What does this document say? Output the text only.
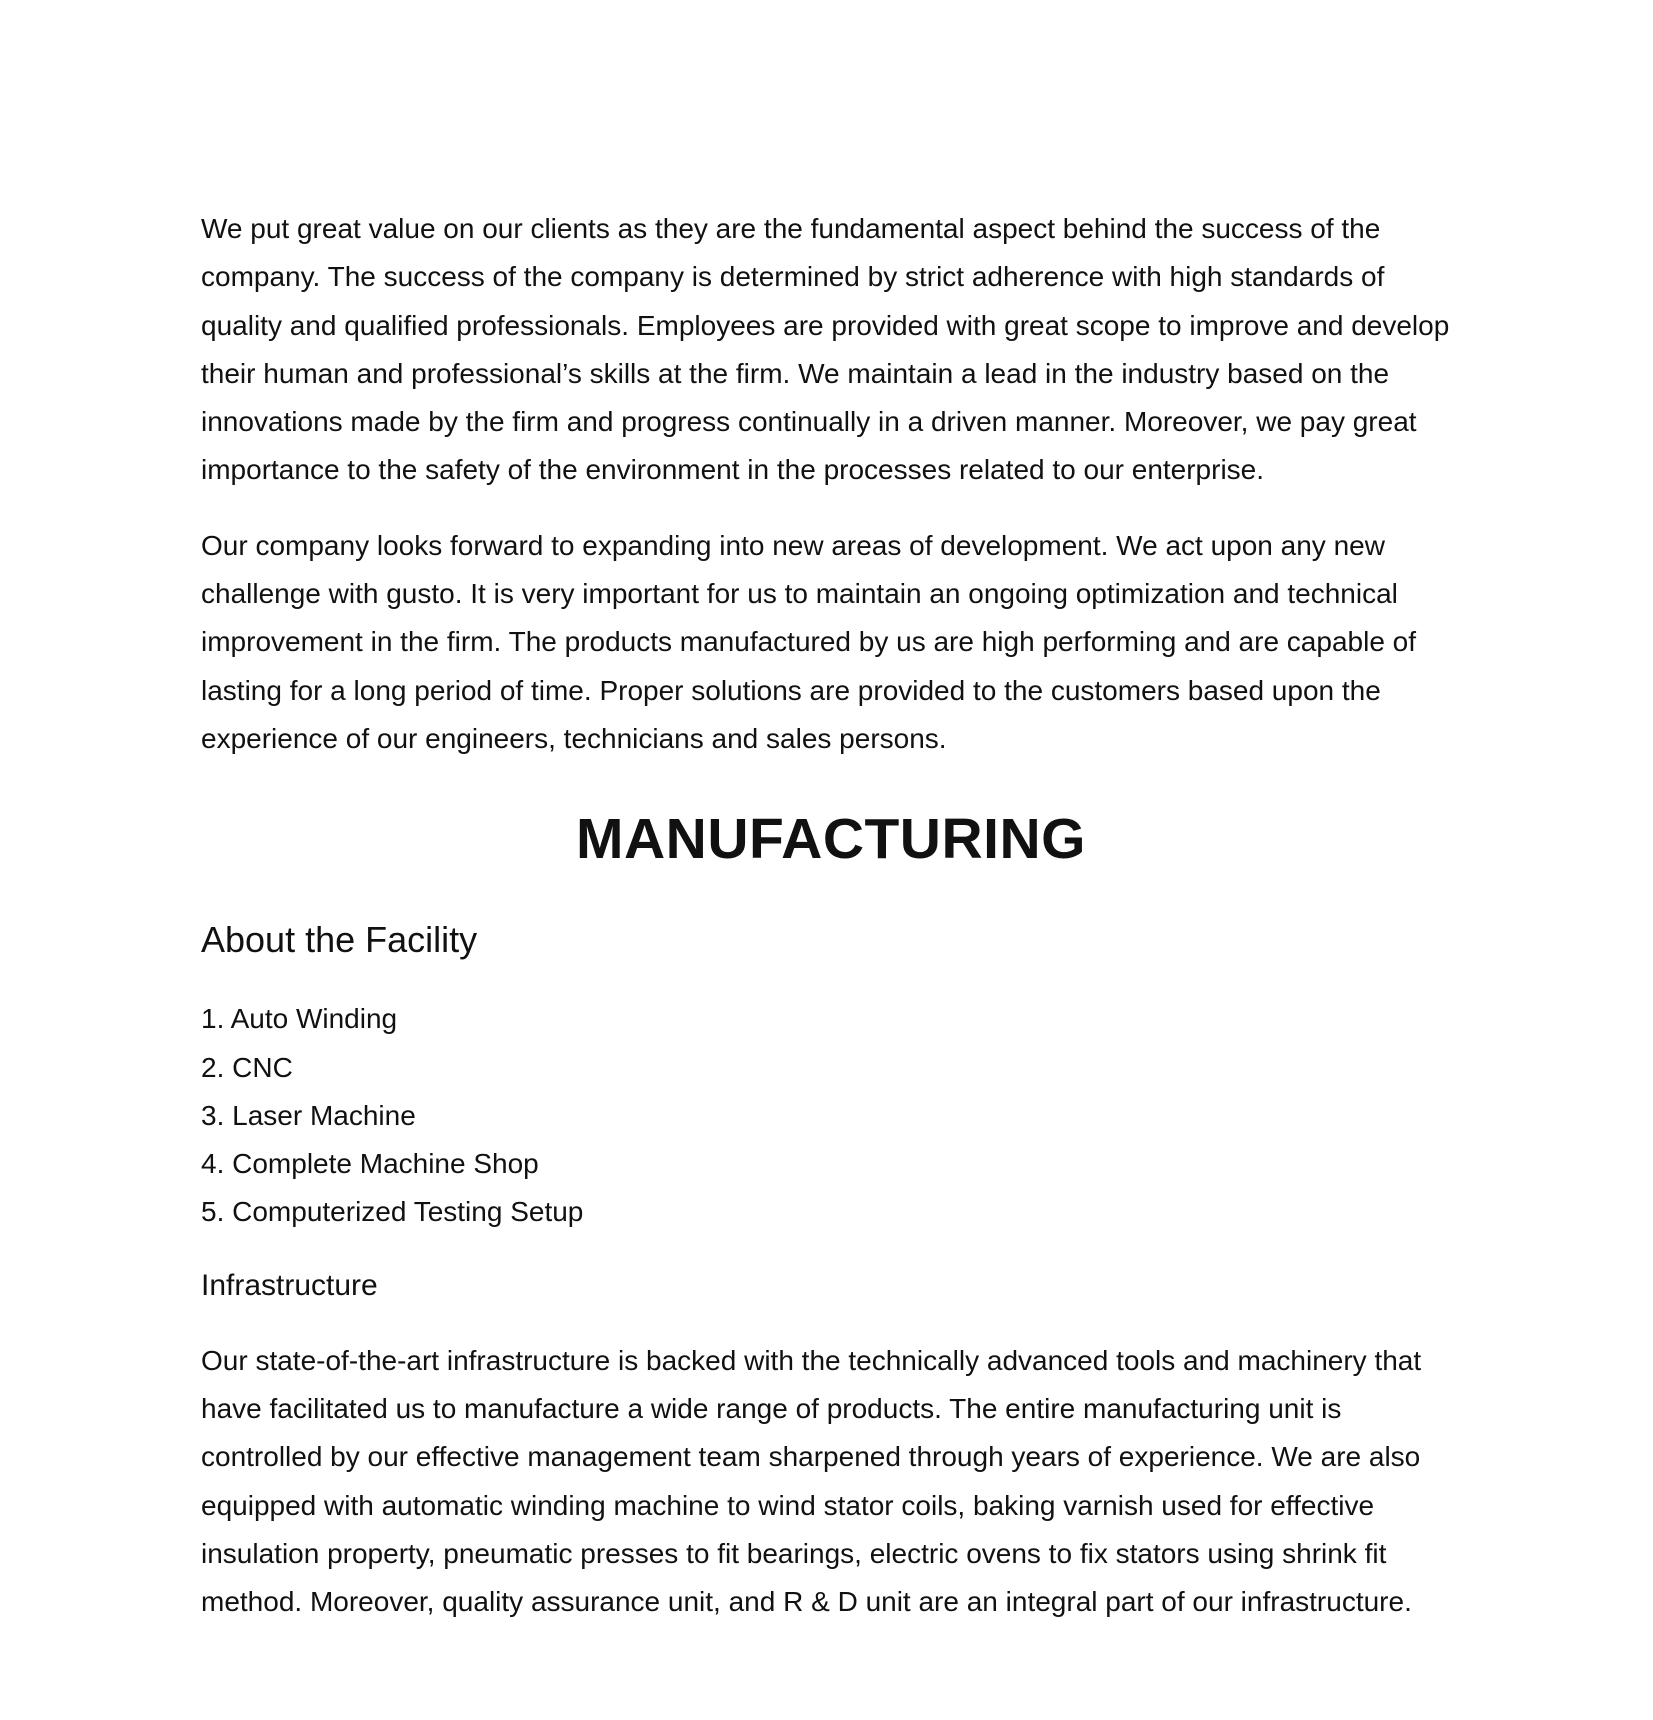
We put great value on our clients as they are the fundamental aspect behind the success of the company. The success of the company is determined by strict adherence with high standards of quality and qualified professionals. Employees are provided with great scope to improve and develop their human and professional’s skills at the firm. We maintain a lead in the industry based on the innovations made by the firm and progress continually in a driven manner. Moreover, we pay great importance to the safety of the environment in the processes related to our enterprise.

Our company looks forward to expanding into new areas of development. We act upon any new challenge with gusto. It is very important for us to maintain an ongoing optimization and technical improvement in the firm. The products manufactured by us are high performing and are capable of lasting for a long period of time. Proper solutions are provided to the customers based upon the experience of our engineers, technicians and sales persons.

MANUFACTURING
About the Facility
1. Auto Winding
2. CNC
3. Laser Machine
4. Complete Machine Shop
5. Computerized Testing Setup
Infrastructure

Our state-of-the-art infrastructure is backed with the technically advanced tools and machinery that have facilitated us to manufacture a wide range of products. The entire manufacturing unit is controlled by our effective management team sharpened through years of experience. We are also equipped with automatic winding machine to wind stator coils, baking varnish used for effective insulation property, pneumatic presses to fit bearings, electric ovens to fix stators using shrink fit method. Moreover, quality assurance unit, and R & D unit are an integral part of our infrastructure.
